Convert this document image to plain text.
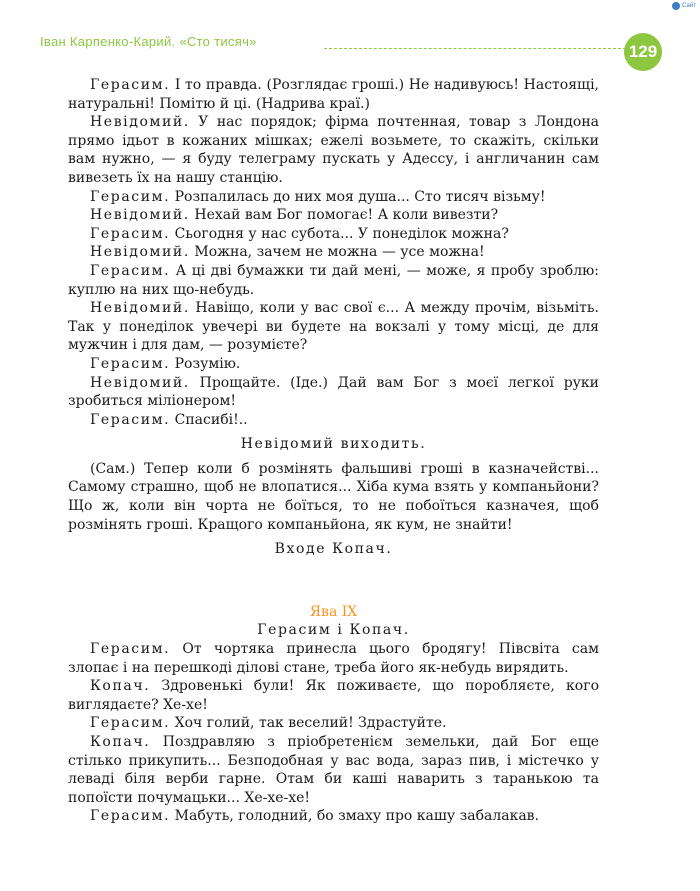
Сайт
Іван Карпенко-Карий. «Сто тисяч»
129

Герасим. І то правда. (Розглядає гроші.) Не надивуюсь! Настоящі, натуральні! Помітю й ці. (Надрива краї.)

Невідомий. У нас порядок; фірма почтенная, товар з Лондона прямо ідьот в кожаних мішках; ежелі возьмете, то скажіть, скільки вам нужно, — я буду телеграму пускать у Адессу, і англичанин сам вивезеть їх на нашу станцію.

Герасим. Розпалилась до них моя душа... Сто тисяч візьму!

Невідомий. Нехай вам Бог помогає! А коли вивезти?

Герасим. Сьогодня у нас субота... У понеділок можна?

Невідомий. Можна, зачем не можна — усе можна!

Герасим. А ці дві бумажки ти дай мені, — може, я пробу зроблю: куплю на них що-небудь.

Невідомий. Навіщо, коли у вас свої є... А между прочім, візьміть. Так у понеділок увечері ви будете на вокзалі у тому місці, де для мужчин і для дам, — розумієте?

Герасим. Розумію.

Невідомий. Прощайте. (Іде.) Дай вам Бог з моєї легкої руки зробиться міліонером!

Герасим. Спасибі!..

Невідомий виходить.

(Сам.) Тепер коли б розмінять фальшиві гроші в казначействі... Самому страшно, щоб не влопатися... Хіба кума взять у компаньйони? Що ж, коли він чорта не боїться, то не побоїться казначея, щоб розмінять гроші. Кращого компаньйона, як кум, не знайти!

Входе Копач.

Ява IX

Герасим і Копач.

Герасим. От чортяка принесла цього бродягу! Півсвіта сам злопає і на перешкоді ділові стане, треба його як-небудь вирядить.

Копач. Здровенькі були! Як поживаєте, що поробляєте, кого виглядаєте? Хе-хе!

Герасим. Хоч голий, так веселий! Здрастуйте.

Копач. Поздравляю з пріобретенієм земельки, дай Бог еще стілько прикупить... Безподобная у вас вода, зараз пив, і містечко у леваді біля верби гарне. Отам би кашi наварить з таранькою та попоїсти почумацьки... Хе-хе-хе!

Герасим. Мабуть, голодний, бо змаху про кашу забалакав.
